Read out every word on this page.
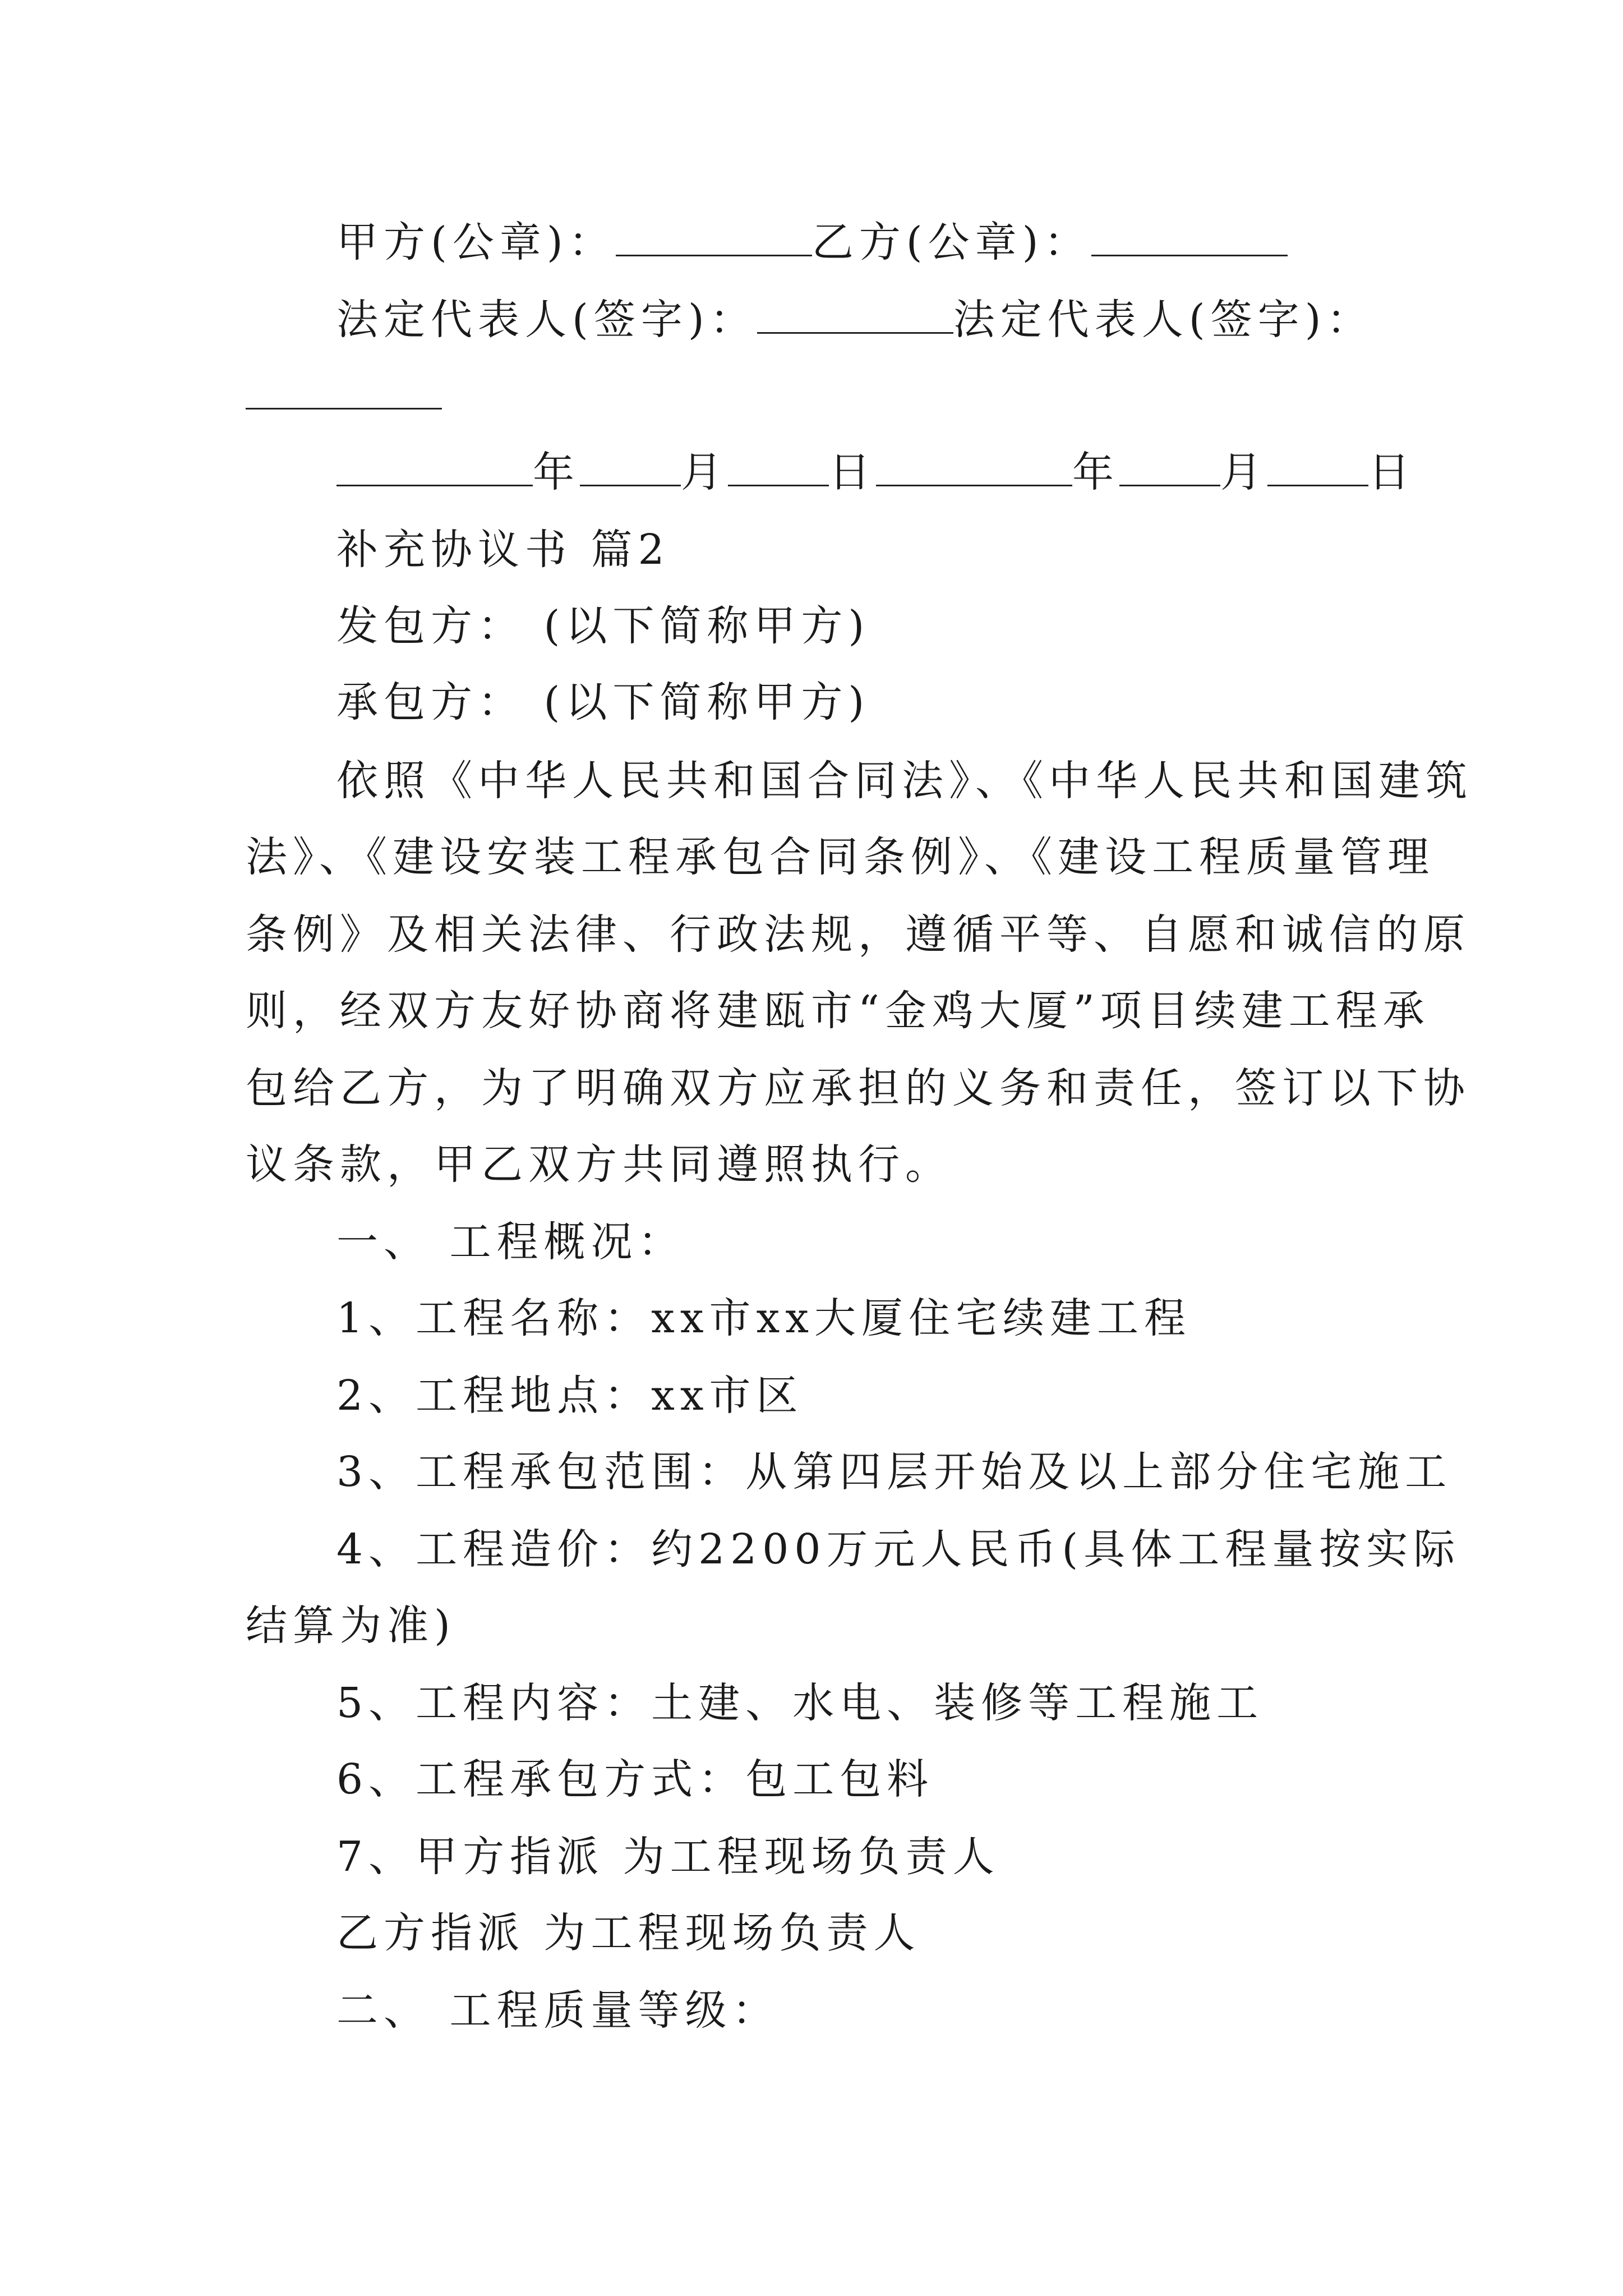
甲方(公章)：	乙方(公章)：
法定代表人(签字)：	法定代表人(签字)：
年 月 日	年 月 日
补充协议书 篇2
发包方： (以下简称甲方)
承包方： (以下简称甲方)
依照《中华人民共和国合同法》、《中华人民共和国建筑
法》、《建设安装工程承包合同条例》、《建设工程质量管理
条例》及相关法律、行政法规，遵循平等、自愿和诚信的原
则，经双方友好协商将建瓯市“金鸡大厦”项目续建工程承
包给乙方，为了明确双方应承担的义务和责任，签订以下协
议条款，甲乙双方共同遵照执行。
一、 工程概况：
1、工程名称：xx市xx大厦住宅续建工程
2、工程地点：xx市区
3、工程承包范围：从第四层开始及以上部分住宅施工
4、工程造价：约2200万元人民币(具体工程量按实际
结算为准)
5、工程内容：土建、水电、装修等工程施工
6、工程承包方式：包工包料
7、甲方指派 为工程现场负责人
乙方指派 为工程现场负责人
二、 工程质量等级：
